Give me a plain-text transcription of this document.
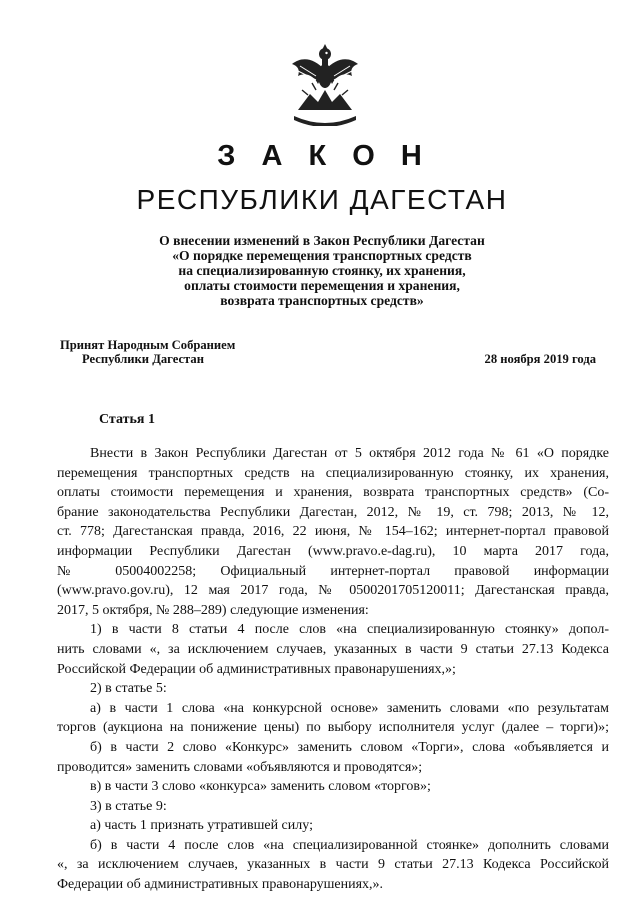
З А К О Н
РЕСПУБЛИКИ ДАГЕСТАН
О внесении изменений в Закон Республики Дагестан
«О порядке перемещения транспортных средств
на специализированную стоянку, их хранения,
оплаты стоимости перемещения и хранения,
возврата транспортных средств»
Принят Народным Собранием
Республики Дагестан	28 ноября 2019 года
Статья 1
Внести в Закон Республики Дагестан от 5 октября 2012 года № 61 «О порядке
перемещения транспортных средств на специализированную стоянку, их хранения,
оплаты стоимости перемещения и хранения, возврата транспортных средств» (Со-
брание законодательства Республики Дагестан, 2012, № 19, ст. 798; 2013, № 12,
ст. 778; Дагестанская правда, 2016, 22 июня, № 154–162; интернет-портал правовой
информации Республики Дагестан (www.pravo.e-dag.ru), 10 марта 2017 года,
№ 05004002258; Официальный интернет-портал правовой информации
(www.pravo.gov.ru), 12 мая 2017 года, № 0500201705120011; Дагестанская правда,
2017, 5 октября, № 288–289) следующие изменения:
1) в части 8 статьи 4 после слов «на специализированную стоянку» допол-
нить словами «, за исключением случаев, указанных в части 9 статьи 27.13 Кодекса
Российской Федерации об административных правонарушениях,»;
2) в статье 5:
а) в части 1 слова «на конкурсной основе» заменить словами «по результатам
торгов (аукциона на понижение цены) по выбору исполнителя услуг (далее – торги)»;
б) в части 2 слово «Конкурс» заменить словом «Торги», слова «объявляется и
проводится» заменить словами «объявляются и проводятся»;
в) в части 3 слово «конкурса» заменить словом «торгов»;
3) в статье 9:
а) часть 1 признать утратившей силу;
б) в части 4 после слов «на специализированной стоянке» дополнить словами
«, за исключением случаев, указанных в части 9 статьи 27.13 Кодекса Российской
Федерации об административных правонарушениях,».
